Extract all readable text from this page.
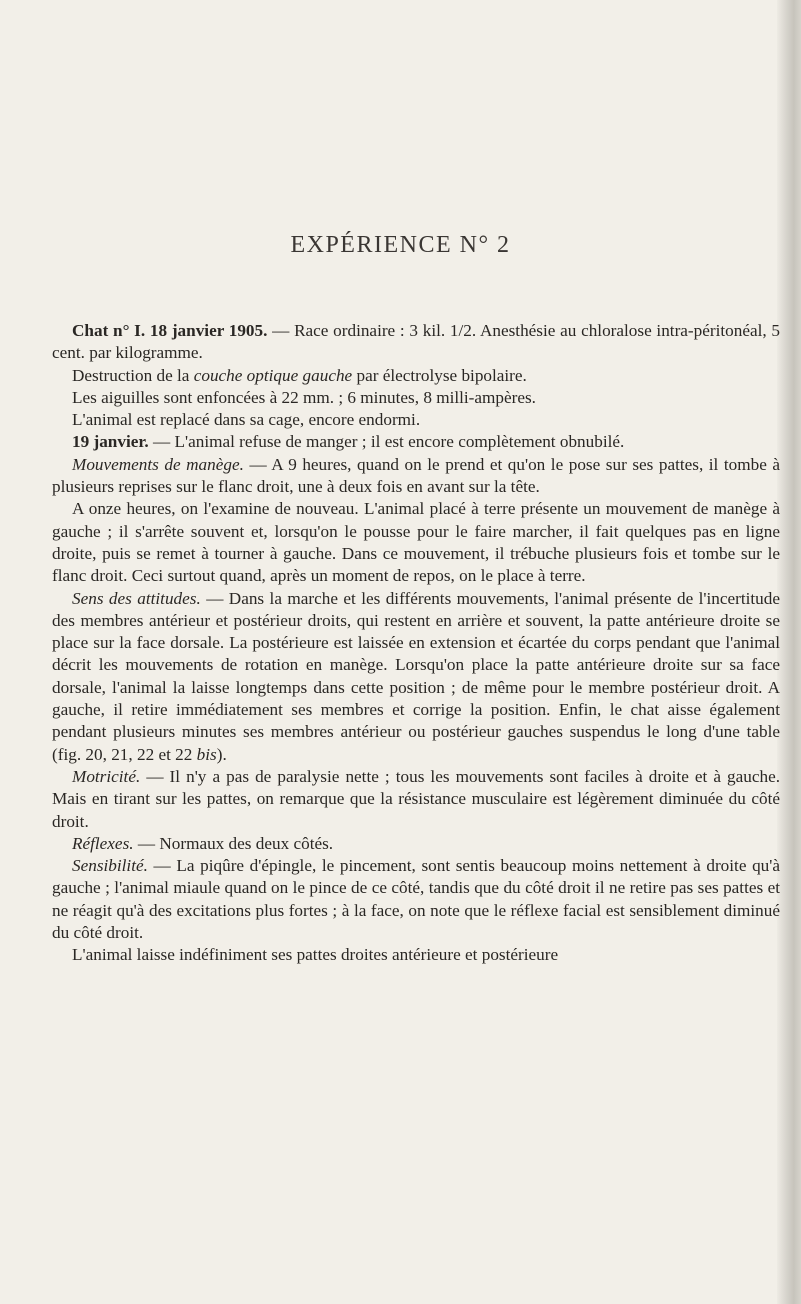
EXPÉRIENCE N° 2

Chat n° I. 18 janvier 1905. — Race ordinaire : 3 kil. 1/2. Anesthésie au chloralose intra-péritonéal, 5 cent. par kilogramme.

Destruction de la couche optique gauche par électrolyse bipolaire.

Les aiguilles sont enfoncées à 22 mm. ; 6 minutes, 8 milli-ampères.

L'animal est replacé dans sa cage, encore endormi.

19 janvier. — L'animal refuse de manger ; il est encore complètement obnubilé.

Mouvements de manège. — A 9 heures, quand on le prend et qu'on le pose sur ses pattes, il tombe à plusieurs reprises sur le flanc droit, une à deux fois en avant sur la tête.

A onze heures, on l'examine de nouveau. L'animal placé à terre présente un mouvement de manège à gauche ; il s'arrête souvent et, lorsqu'on le pousse pour le faire marcher, il fait quelques pas en ligne droite, puis se remet à tourner à gauche. Dans ce mouvement, il trébuche plusieurs fois et tombe sur le flanc droit. Ceci surtout quand, après un moment de repos, on le place à terre.

Sens des attitudes. — Dans la marche et les différents mouvements, l'animal présente de l'incertitude des membres antérieur et postérieur droits, qui restent en arrière et souvent, la patte antérieure droite se place sur la face dorsale. La postérieure est laissée en extension et écartée du corps pendant que l'animal décrit les mouvements de rotation en manège. Lorsqu'on place la patte antérieure droite sur sa face dorsale, l'animal la laisse longtemps dans cette position ; de même pour le membre postérieur droit. A gauche, il retire immédiatement ses membres et corrige la position. Enfin, le chat aisse également pendant plusieurs minutes ses membres antérieur ou postérieur gauches suspendus le long d'une table (fig. 20, 21, 22 et 22 bis).

Motricité. — Il n'y a pas de paralysie nette ; tous les mouvements sont faciles à droite et à gauche. Mais en tirant sur les pattes, on remarque que la résistance musculaire est légèrement diminuée du côté droit.

Réflexes. — Normaux des deux côtés.

Sensibilité. — La piqûre d'épingle, le pincement, sont sentis beaucoup moins nettement à droite qu'à gauche ; l'animal miaule quand on le pince de ce côté, tandis que du côté droit il ne retire pas ses pattes et ne réagit qu'à des excitations plus fortes ; à la face, on note que le réflexe facial est sensiblement diminué du côté droit.

L'animal laisse indéfiniment ses pattes droites antérieure et postérieure
